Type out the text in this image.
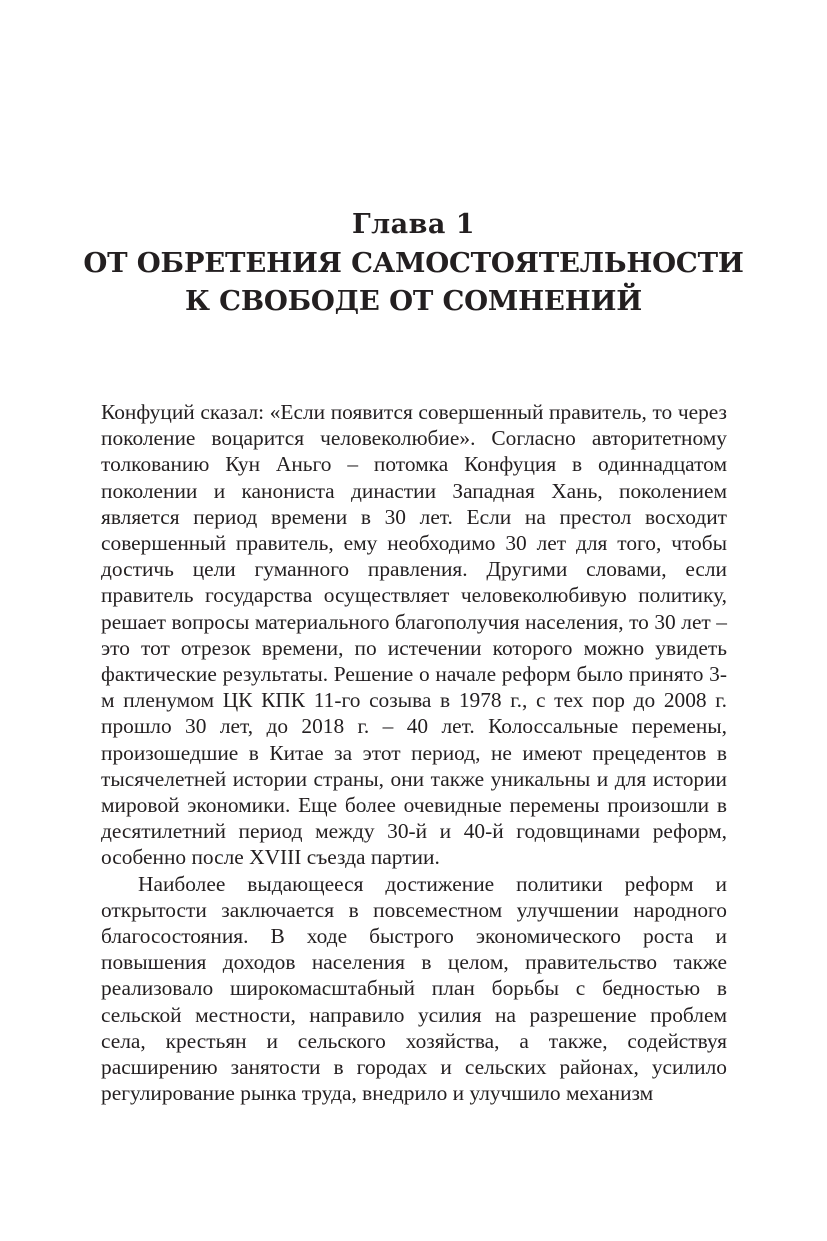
Глава 1
ОТ ОБРЕТЕНИЯ САМОСТОЯТЕЛЬНОСТИ
К СВОБОДЕ ОТ СОМНЕНИЙ

Конфуций сказал: «Если появится совершенный правитель, то через поколение воцарится человеколюбие». Согласно авторитетному толкованию Кун Аньго – потомка Конфуция в одиннадцатом поколении и канониста династии Западная Хань, поколением является период времени в 30 лет. Если на престол восходит совершенный правитель, ему необходимо 30 лет для того, чтобы достичь цели гуманного правления. Другими словами, если правитель государства осуществляет человеколюбивую политику, решает вопросы материального благополучия населения, то 30 лет – это тот отрезок времени, по истечении которого можно увидеть фактические результаты. Решение о начале реформ было принято 3-м пленумом ЦК КПК 11-го созыва в 1978 г., с тех пор до 2008 г. прошло 30 лет, до 2018 г. – 40 лет. Колоссальные перемены, произошедшие в Китае за этот период, не имеют прецедентов в тысячелетней истории страны, они также уникальны и для истории мировой экономики. Еще более очевидные перемены произошли в десятилетний период между 30-й и 40-й годовщинами реформ, особенно после XVIII съезда партии.

Наиболее выдающееся достижение политики реформ и открытости заключается в повсеместном улучшении народного благосостояния. В ходе быстрого экономического роста и повышения доходов населения в целом, правительство также реализовало широкомасштабный план борьбы с бедностью в сельской местности, направило усилия на разрешение проблем села, крестьян и сельского хозяйства, а также, содействуя расширению занятости в городах и сельских районах, усилило регулирование рынка труда, внедрило и улучшило механизм
